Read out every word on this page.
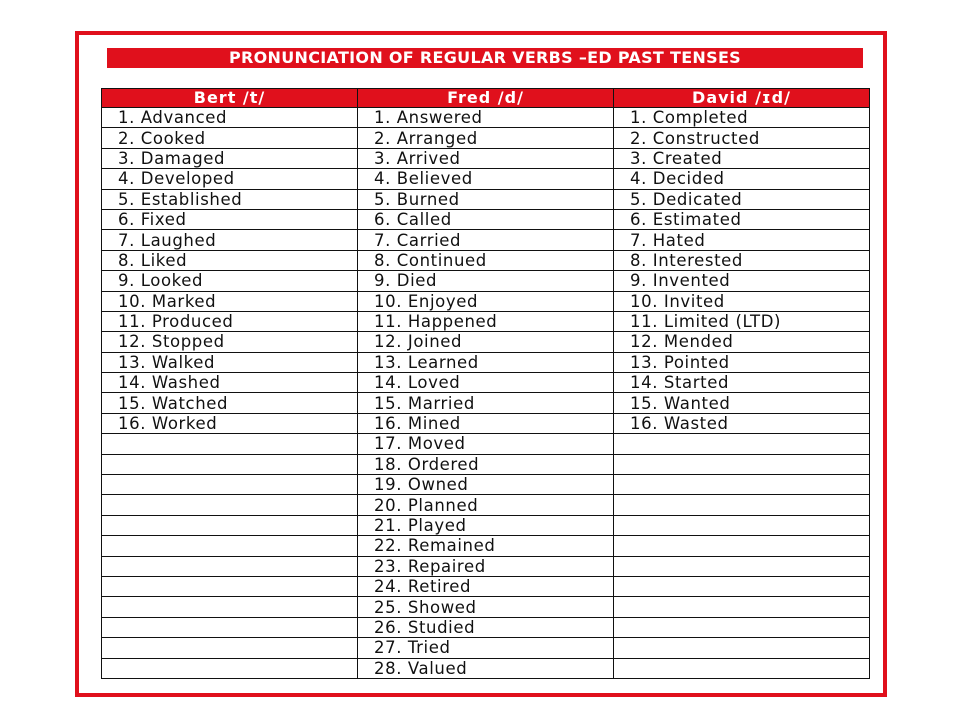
PRONUNCIATION OF REGULAR VERBS –ED PAST TENSES
Bert /t/	Fred /d/	David /ɪd/
1. Advanced	1. Answered	1. Completed
2. Cooked	2. Arranged	2. Constructed
3. Damaged	3. Arrived	3. Created
4. Developed	4. Believed	4. Decided
5. Established	5. Burned	5. Dedicated
6. Fixed	6. Called	6. Estimated
7. Laughed	7. Carried	7. Hated
8. Liked	8. Continued	8. Interested
9. Looked	9. Died	9. Invented
10. Marked	10. Enjoyed	10. Invited
11. Produced	11. Happened	11. Limited (LTD)
12. Stopped	12. Joined	12. Mended
13. Walked	13. Learned	13. Pointed
14. Washed	14. Loved	14. Started
15. Watched	15. Married	15. Wanted
16. Worked	16. Mined	16. Wasted
	17. Moved	
	18. Ordered	
	19. Owned	
	20. Planned	
	21. Played	
	22. Remained	
	23. Repaired	
	24. Retired	
	25. Showed	
	26. Studied	
	27. Tried	
	28. Valued	
